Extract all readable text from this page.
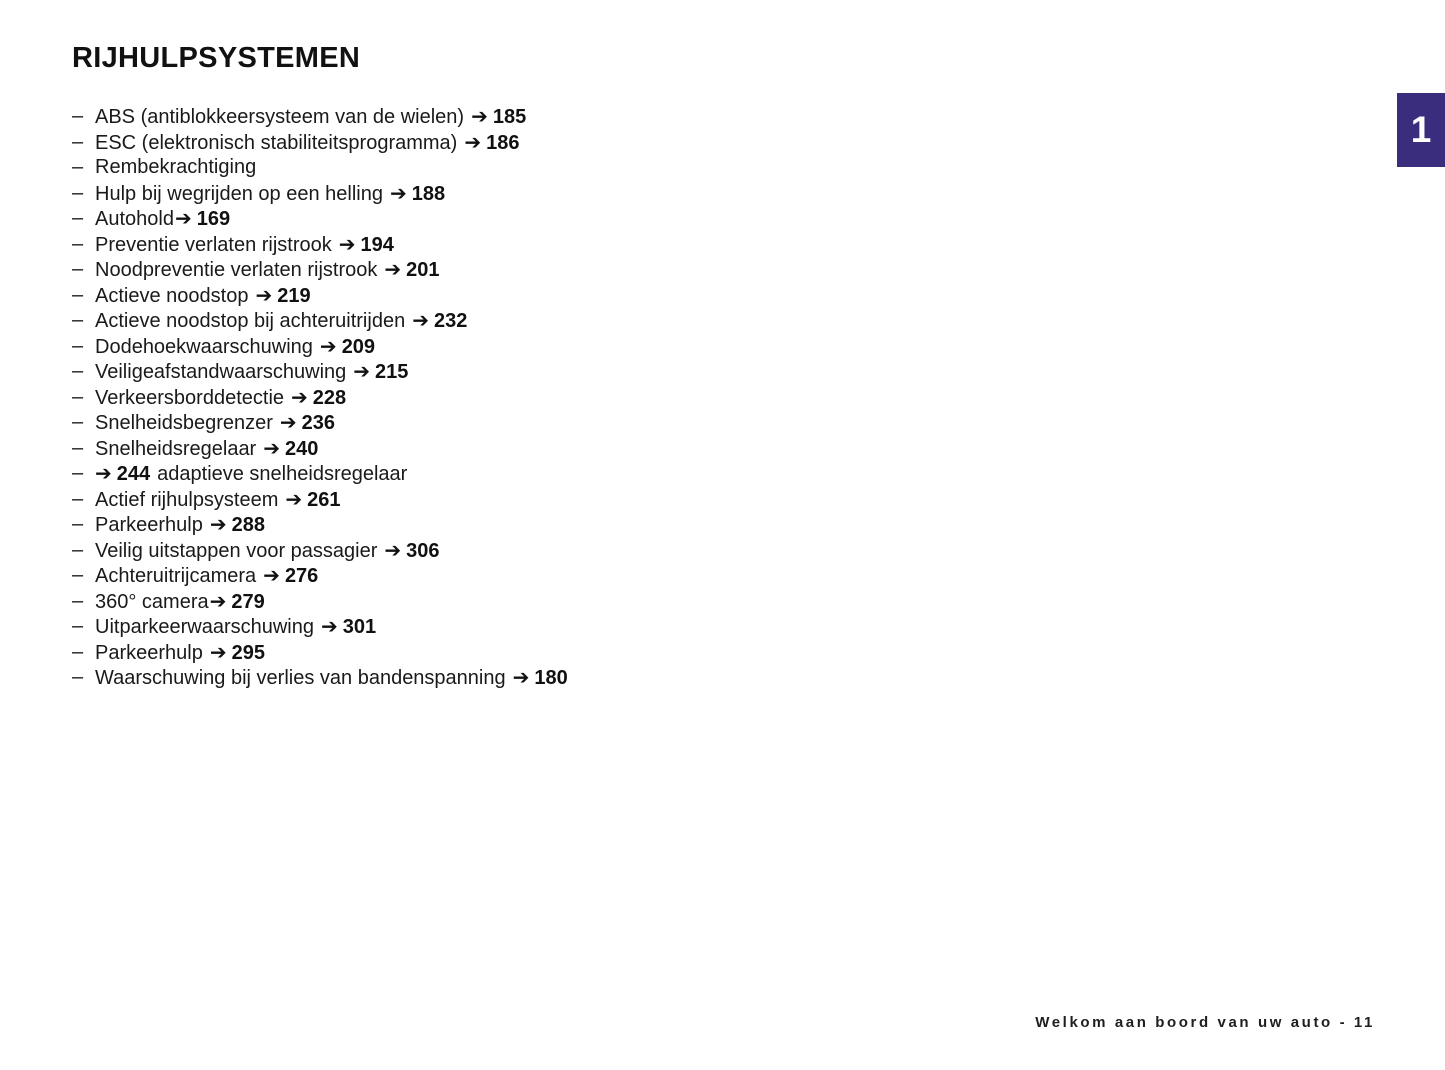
RIJHULPSYSTEMEN
1
– ABS (antiblokkeersysteem van de wielen) ➔ 185
– ESC (elektronisch stabiliteitsprogramma) ➔ 186
– Rembekrachtiging
– Hulp bij wegrijden op een helling ➔ 188
– Autohold➔ 169
– Preventie verlaten rijstrook ➔ 194
– Noodpreventie verlaten rijstrook ➔ 201
– Actieve noodstop ➔ 219
– Actieve noodstop bij achteruitrijden ➔ 232
– Dodehoekwaarschuwing ➔ 209
– Veiligeafstandwaarschuwing ➔ 215
– Verkeersborddetectie ➔ 228
– Snelheidsbegrenzer ➔ 236
– Snelheidsregelaar ➔ 240
– ➔ 244 adaptieve snelheidsregelaar
– Actief rijhulpsysteem ➔ 261
– Parkeerhulp ➔ 288
– Veilig uitstappen voor passagier ➔ 306
– Achteruitrijcamera ➔ 276
– 360° camera➔ 279
– Uitparkeerwaarschuwing ➔ 301
– Parkeerhulp ➔ 295
– Waarschuwing bij verlies van bandenspanning ➔ 180
Welkom aan boord van uw auto - 11
